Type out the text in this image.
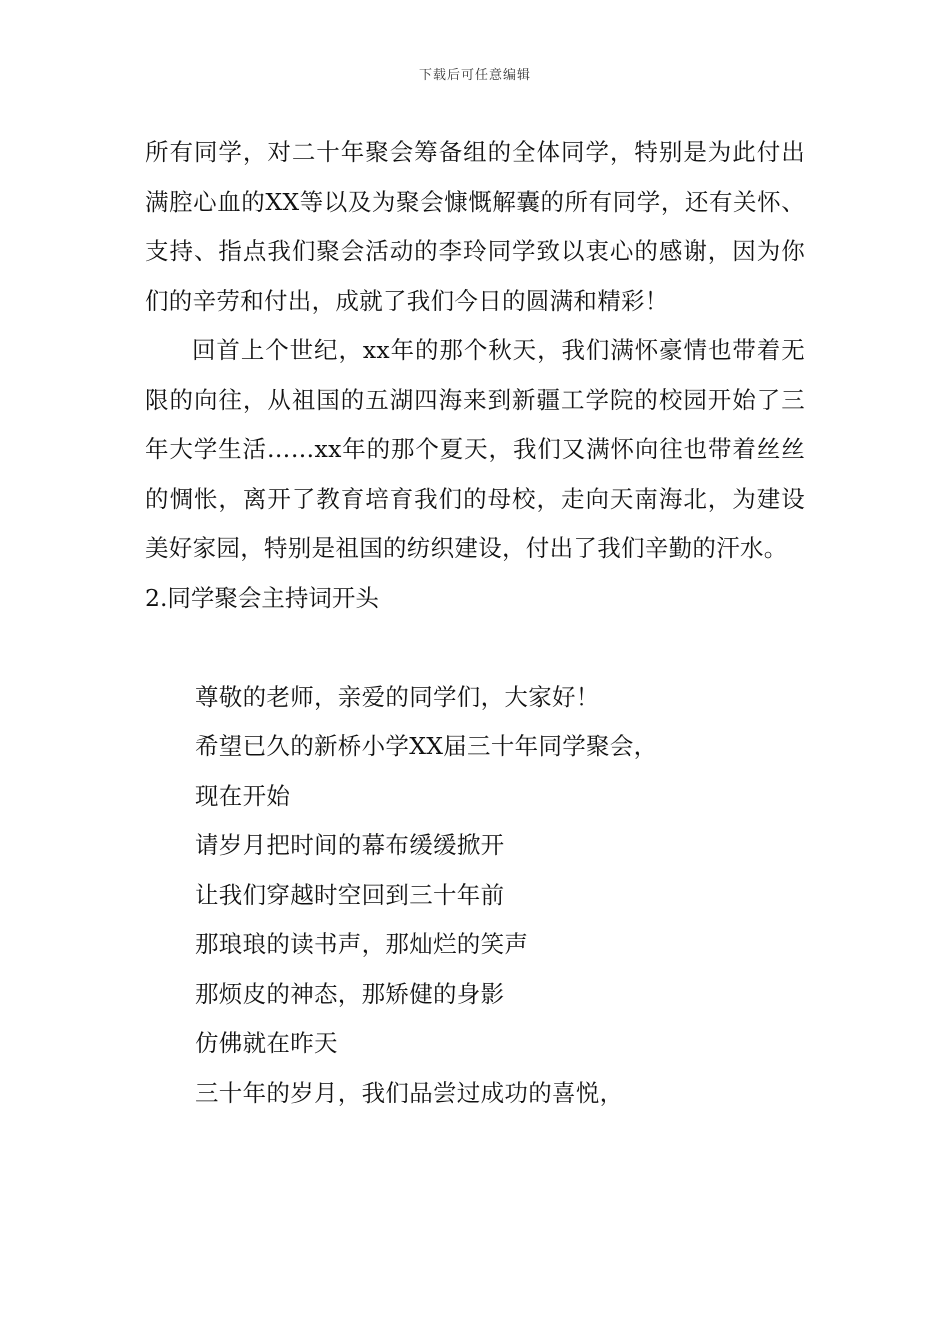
下载后可任意编辑

所有同学，对二十年聚会筹备组的全体同学，特别是为此付出满腔心血的XX等以及为聚会慷慨解囊的所有同学，还有关怀、支持、指点我们聚会活动的李玲同学致以衷心的感谢，因为你们的辛劳和付出，成就了我们今日的圆满和精彩！

回首上个世纪，xx年的那个秋天，我们满怀豪情也带着无限的向往，从祖国的五湖四海来到新疆工学院的校园开始了三年大学生活……xx年的那个夏天，我们又满怀向往也带着丝丝的惆怅，离开了教育培育我们的母校，走向天南海北，为建设美好家园，特别是祖国的纺织建设，付出了我们辛勤的汗水。

2.同学聚会主持词开头

尊敬的老师，亲爱的同学们，大家好！
希望已久的新桥小学XX届三十年同学聚会，
现在开始
请岁月把时间的幕布缓缓掀开
让我们穿越时空回到三十年前
那琅琅的读书声，那灿烂的笑声
那烦皮的神态，那矫健的身影
仿佛就在昨天
三十年的岁月，我们品尝过成功的喜悦，
